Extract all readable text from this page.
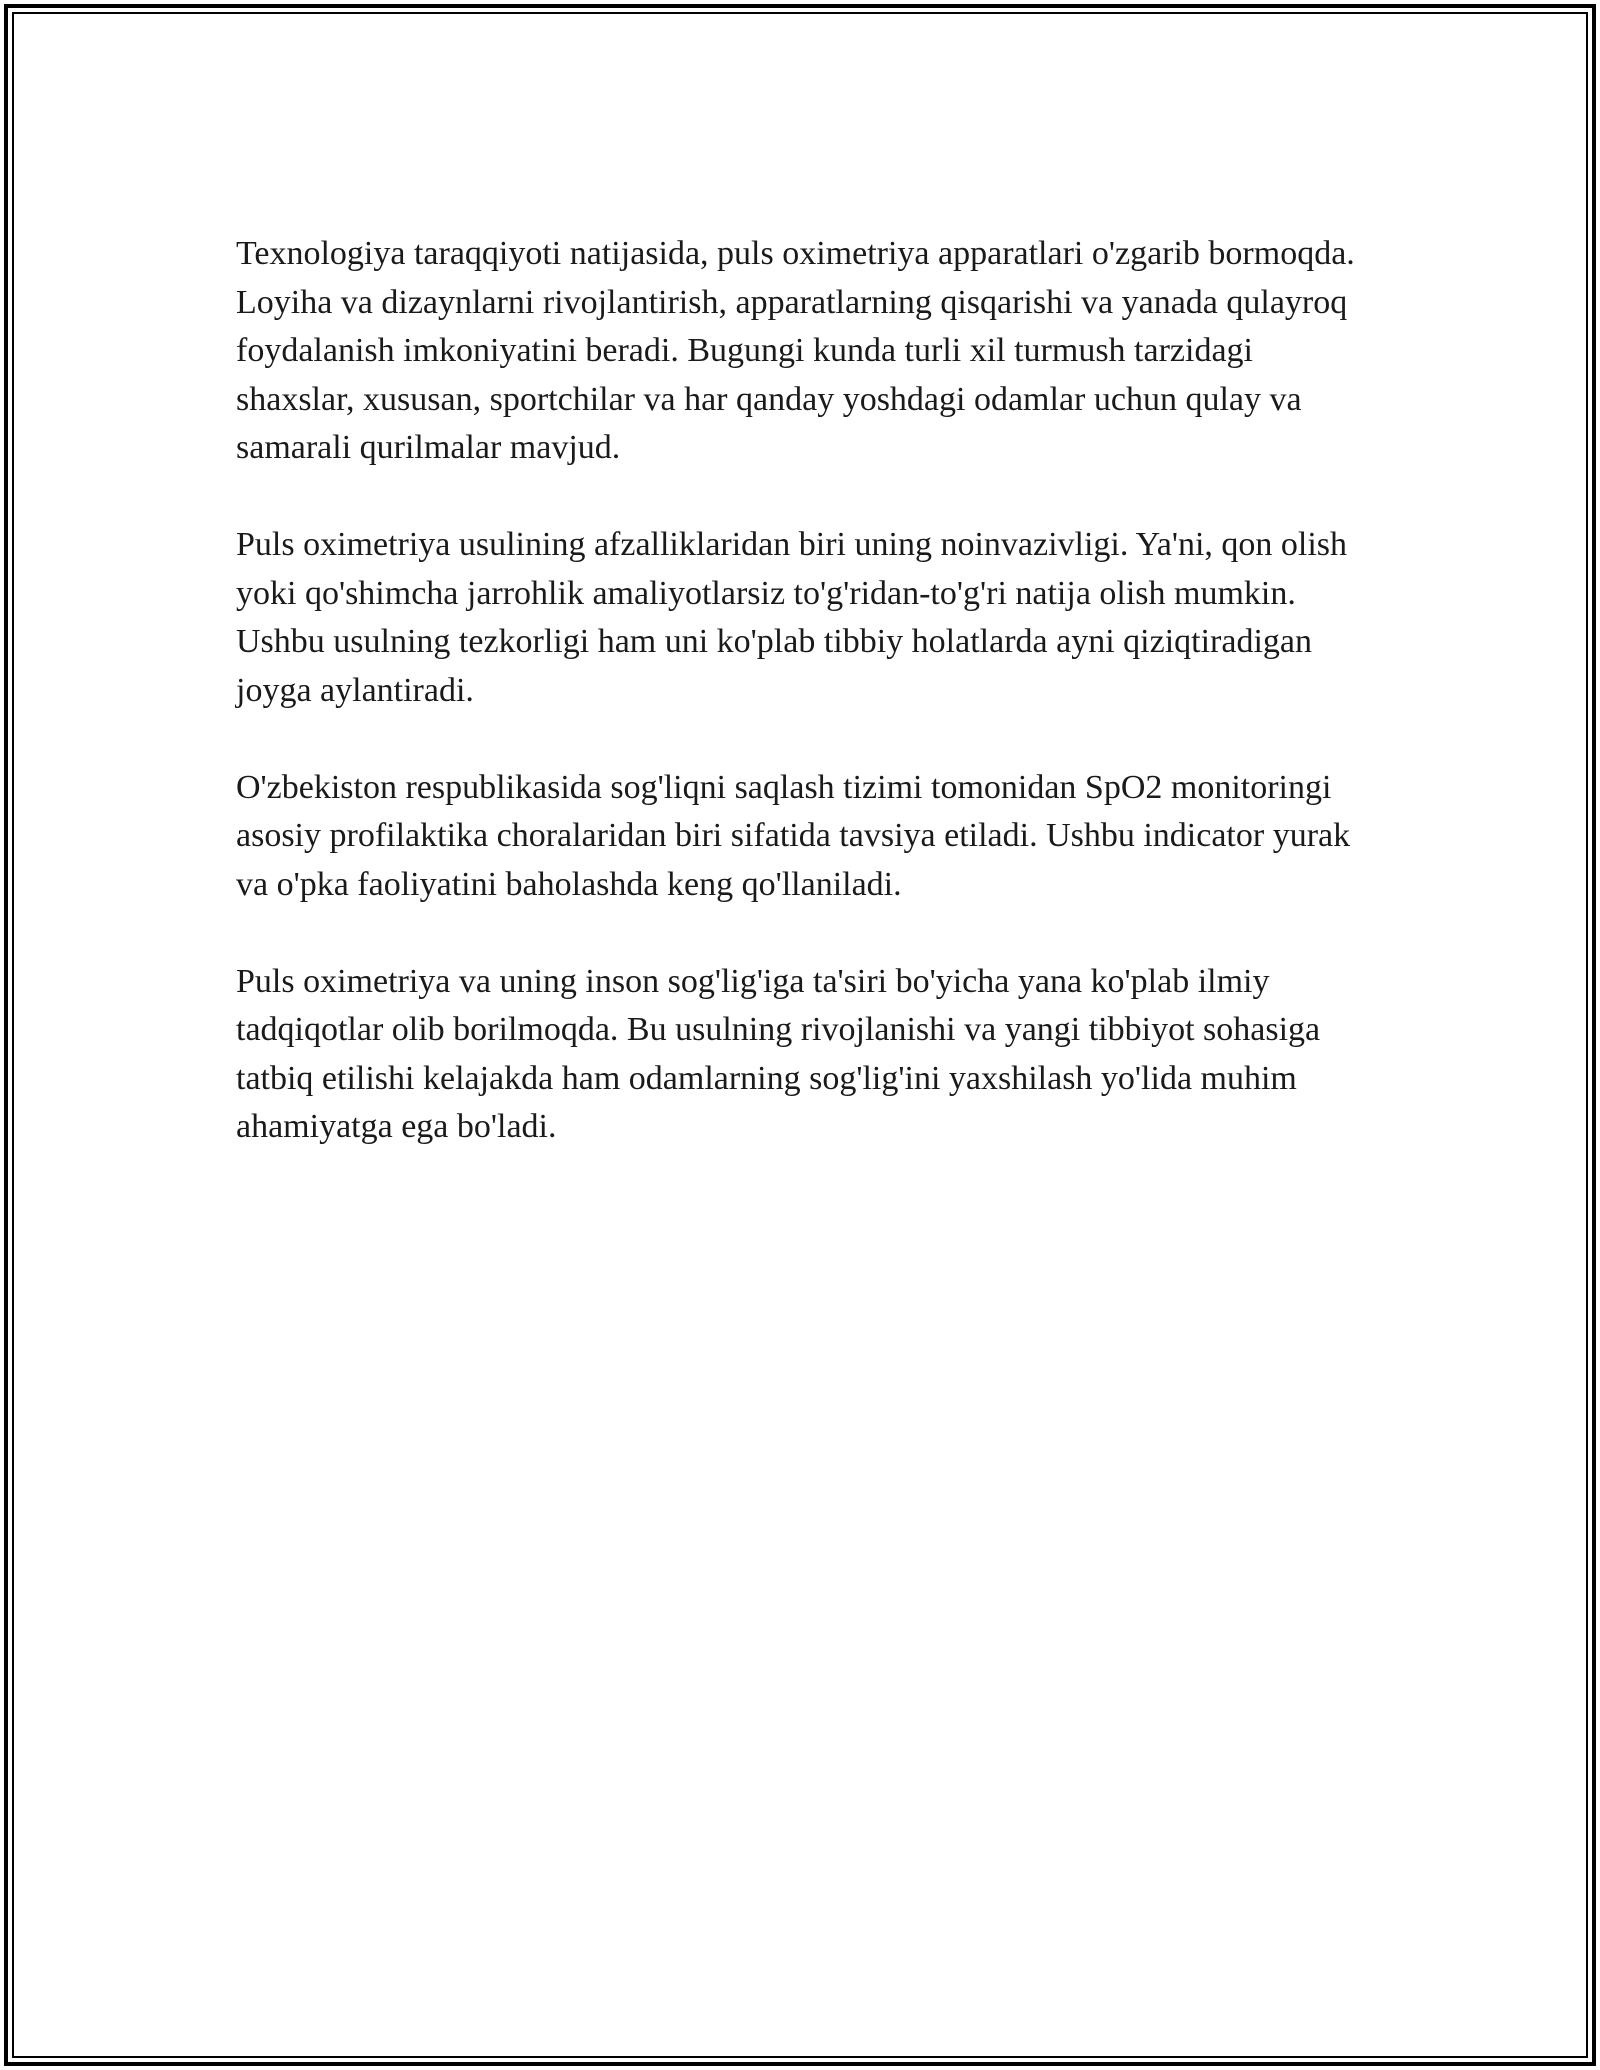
Texnologiya taraqqiyoti natijasida, puls oximetriya apparatlari o'zgarib bormoqda. Loyiha va dizaynlarni rivojlantirish, apparatlarning qisqarishi va yanada qulayroq foydalanish imkoniyatini beradi. Bugungi kunda turli xil turmush tarzidagi shaxslar, xususan, sportchilar va har qanday yoshdagi odamlar uchun qulay va samarali qurilmalar mavjud.

Puls oximetriya usulining afzalliklaridan biri uning noinvazivligi. Ya'ni, qon olish yoki qo'shimcha jarrohlik amaliyotlarsiz to'g'ridan-to'g'ri natija olish mumkin. Ushbu usulning tezkorligi ham uni ko'plab tibbiy holatlarda ayni qiziqtiradigan joyga aylantiradi.

O'zbekiston respublikasida sog'liqni saqlash tizimi tomonidan SpO2 monitoringi asosiy profilaktika choralaridan biri sifatida tavsiya etiladi. Ushbu indicator yurak va o'pka faoliyatini baholashda keng qo'llaniladi.

Puls oximetriya va uning inson sog'lig'iga ta'siri bo'yicha yana ko'plab ilmiy tadqiqotlar olib borilmoqda. Bu usulning rivojlanishi va yangi tibbiyot sohasiga tatbiq etilishi kelajakda ham odamlarning sog'lig'ini yaxshilash yo'lida muhim ahamiyatga ega bo'ladi.
